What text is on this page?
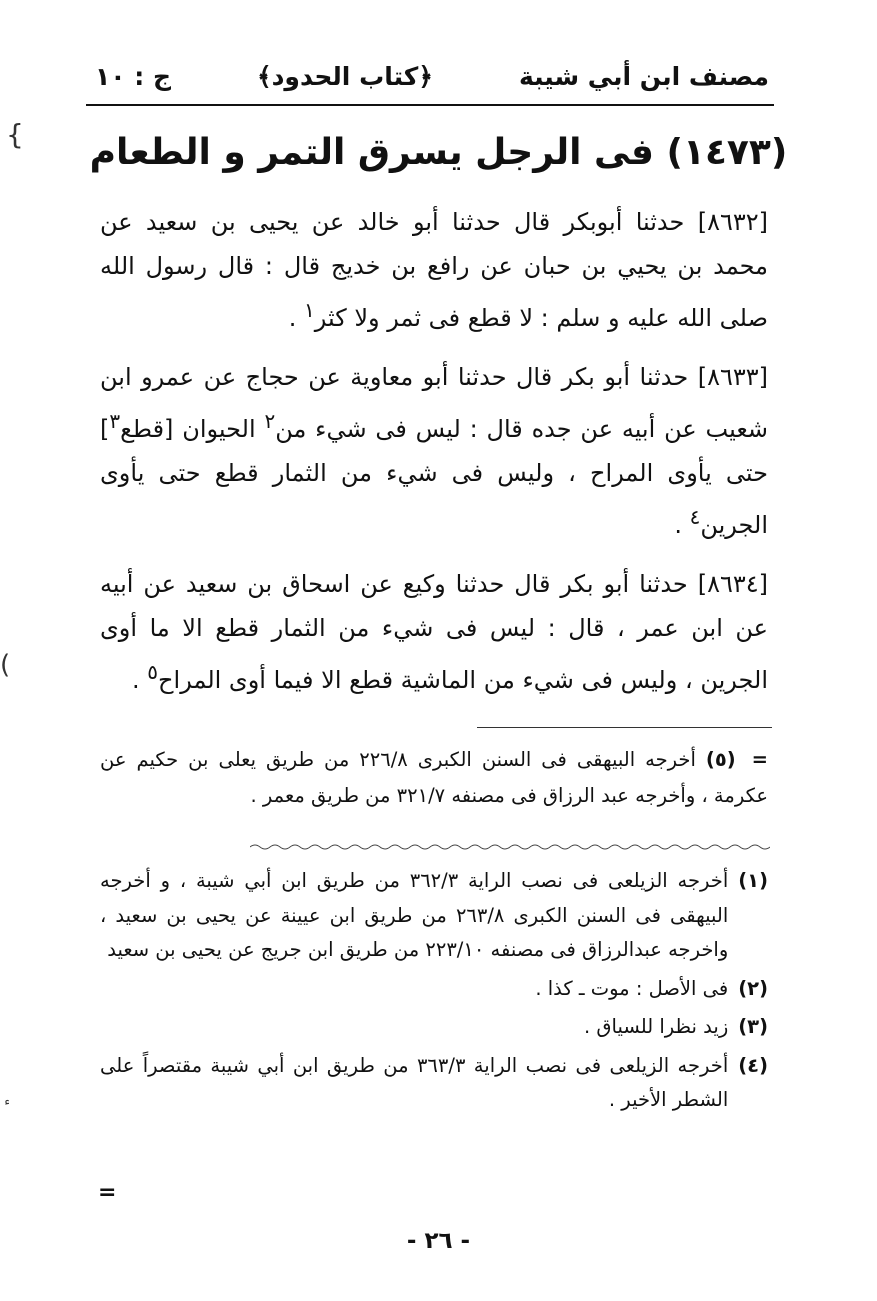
مصنف ابن أبي شيبة
﴿كتاب الحدود﴾
ج : ١٠
(١٤٧٣) فى الرجل يسرق التمر و الطعام

[٨٦٣٢] حدثنا أبوبكر قال حدثنا أبو خالد عن يحيى بن سعيد عن محمد بن يحيي بن حبان عن رافع بن خديج قال : قال رسول الله صلى الله عليه و سلم : لا قطع فى ثمر ولا كثر$^١$ .

[٨٦٣٣] حدثنا أبو بكر قال حدثنا أبو معاوية عن حجاج عن عمرو ابن شعيب عن أبيه عن جده قال : ليس فى شيء من$^٢$ الحيوان [قطع$^٣$] حتى يأوى المراح ، وليس فى شيء من الثمار قطع حتى يأوى الجرين$^٤$ .

[٨٦٣٤] حدثنا أبو بكر قال حدثنا وكيع عن اسحاق بن سعيد عن أبيه عن ابن عمر ، قال : ليس فى شيء من الثمار قطع الا ما أوى الجرين ، وليس فى شيء من الماشية قطع الا فيما أوى المراح$^٥$ .

= (٥) أخرجه البيهقى فى السنن الكبرى ٢٢٦/٨ من طريق يعلى بن حكيم عن عكرمة ، وأخرجه عبد الرزاق فى مصنفه ٣٢١/٧ من طريق معمر .
(١)
أخرجه الزيلعى فى نصب الراية ٣٦٢/٣ من طريق ابن أبي شيبة ، و أخرجه البيهقى فى السنن الكبرى ٢٦٣/٨ من طريق ابن عيينة عن يحيى بن سعيد ، واخرجه عبدالرزاق فى مصنفه ٢٢٣/١٠ من طريق ابن جريج عن يحيى بن سعيد
(٢)
فى الأصل : موت ـ كذا .
(٣)
زيد نظرا للسياق .
(٤)
أخرجه الزيلعى فى نصب الراية ٣٦٣/٣ من طريق ابن أبي شيبة مقتصراً على الشطر الأخير .
=
- ٢٦ -
}
)
ٴ
